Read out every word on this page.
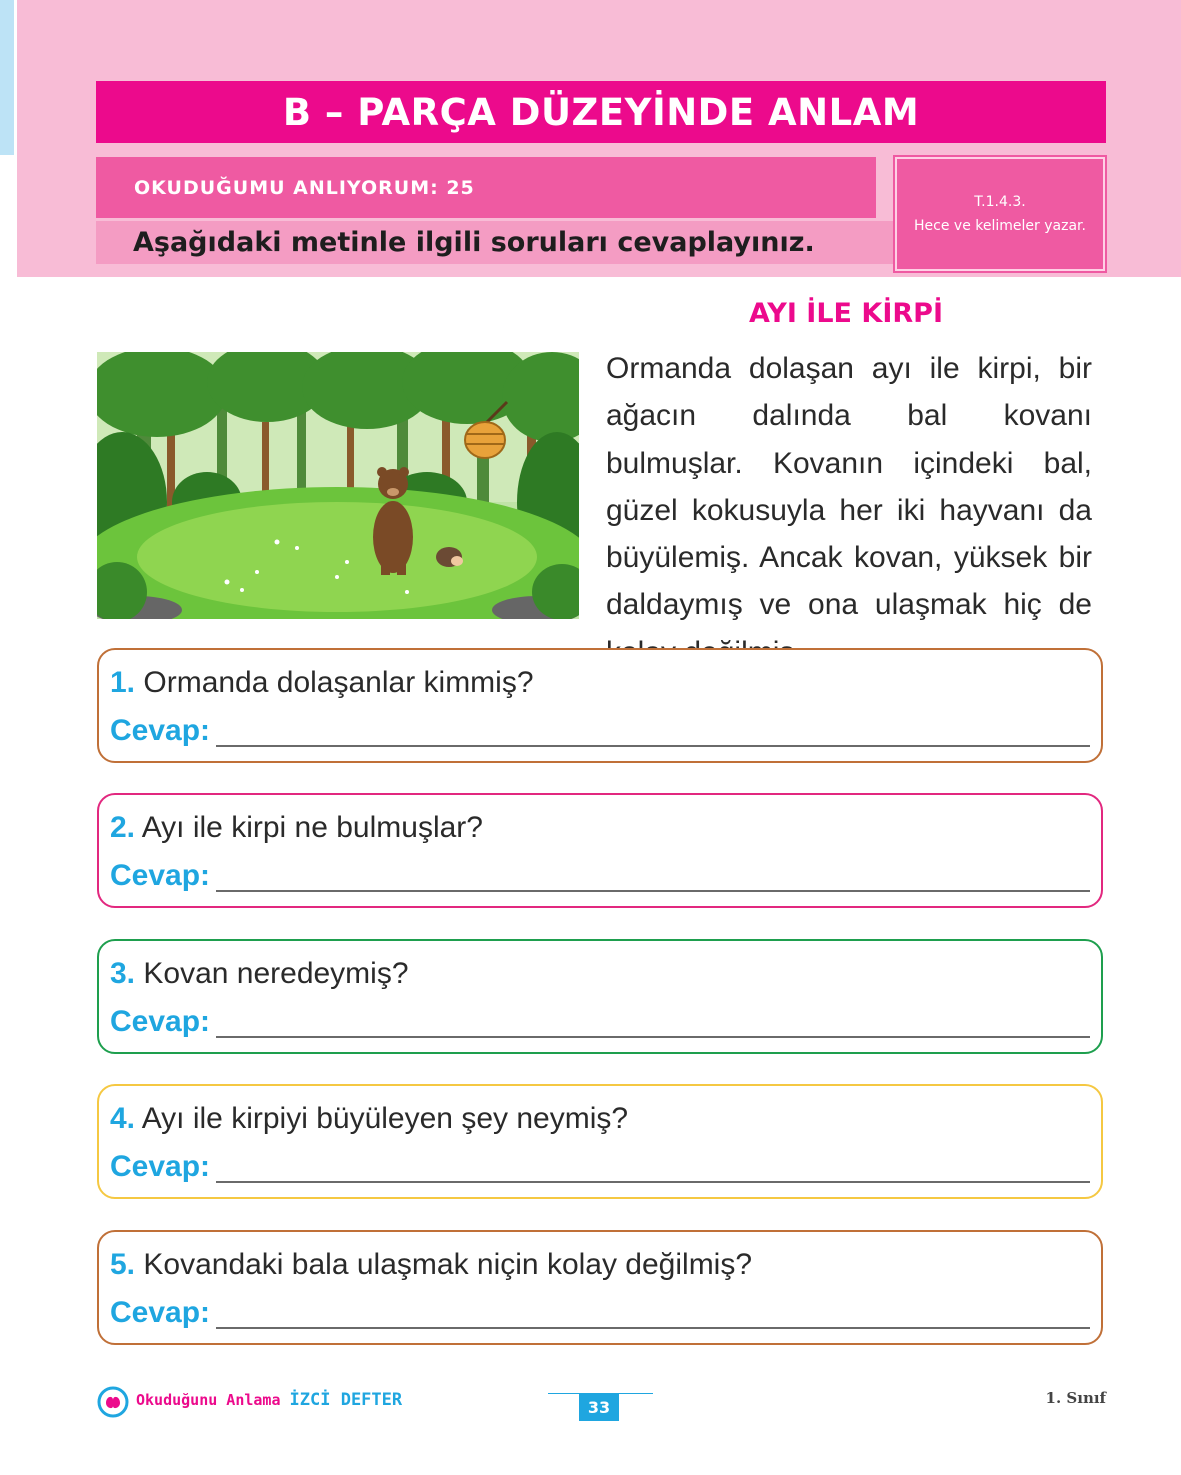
B – PARÇA DÜZEYİNDE ANLAM
OKUDUĞUMU ANLIYORUM: 25
Aşağıdaki metinle ilgili soruları cevaplayınız.
T.1.4.3.
Hece ve kelimeler yazar.
AYI İLE KİRPİ
Ormanda dolaşan ayı ile kirpi, bir ağacın dalında bal kovanı bulmuşlar. Kovanın içindeki bal, güzel kokusuyla her iki hayvanı da büyülemiş. Ancak kovan, yüksek bir daldaymış ve ona ulaşmak hiç de
1. Ormanda dolaşanlar kimmiş?
Cevap:
2. Ayı ile kirpi ne bulmuşlar?
Cevap:
3. Kovan neredeymiş?
Cevap:
4. Ayı ile kirpiyi büyüleyen şey neymiş?
Cevap:
5. Kovandaki bala ulaşmak niçin kolay değilmiş?
Cevap:
Okuduğunu Anlama İZCİ DEFTER	33	1. Sınıf
